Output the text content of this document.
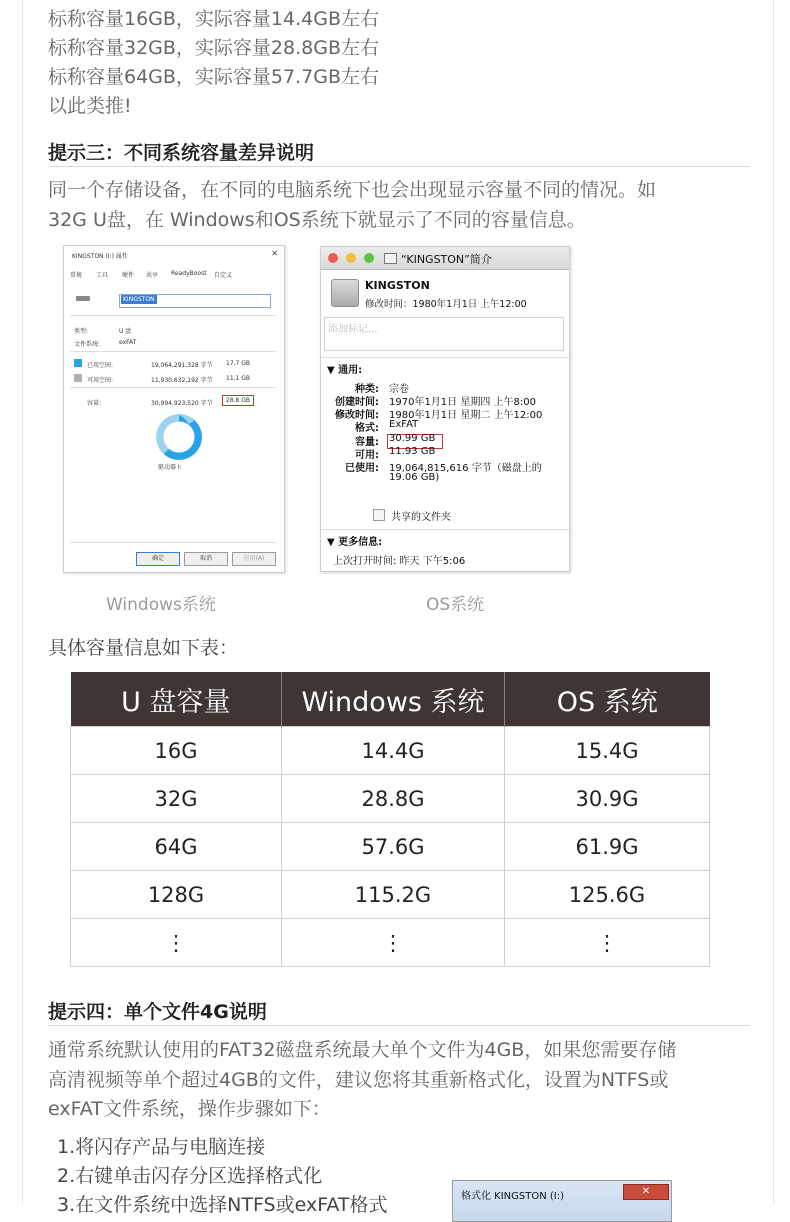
标称容量16GB，实际容量14.4GB左右
标称容量32GB，实际容量28.8GB左右
标称容量64GB，实际容量57.7GB左右
以此类推!
提示三：不同系统容量差异说明
同一个存储设备，在不同的电脑系统下也会出现显示容量不同的情况。如
32G U盘，在 Windows和OS系统下就显示了不同的容量信息。
KINGSTON (I:) 属性	✕
常规 工具 硬件 共享 ReadyBoost 自定义
KINGSTON
类型:	U 盘
文件系统:	exFAT
已用空间:	19,064,291,328 字节 17.7 GB
可用空间:	11,930,632,192 字节 11.1 GB
容量:	30,994,923,520 字节	28.8 GB
驱动器 I:
确定	取消	应用(A)
“KINGSTON”简介
KINGSTON
修改时间：1980年1月1日 上午12:00
添加标记...
▼ 通用:
种类: 宗卷
创建时间: 1970年1月1日 星期四 上午8:00
修改时间: 1980年1月1日 星期二 上午12:00
格式: ExFAT
容量: 30.99 GB
可用: 11.93 GB
已使用: 19,064,815,616 字节（磁盘上的
19.06 GB)
共享的文件夹
▼ 更多信息:
上次打开时间: 昨天 下午5:06
Windows系统	OS系统
具体容量信息如下表：
U 盘容量	Windows 系统	OS 系统
16G	14.4G	15.4G
32G	28.8G	30.9G
64G	57.6G	61.9G
128G	115.2G	125.6G
⋮	⋮	⋮
提示四：单个文件4G说明
通常系统默认使用的FAT32磁盘系统最大单个文件为4GB，如果您需要存储
高清视频等单个超过4GB的文件，建议您将其重新格式化，设置为NTFS或
exFAT文件系统，操作步骤如下：
1.将闪存产品与电脑连接
2.右键单击闪存分区选择格式化
3.在文件系统中选择NTFS或exFAT格式	格式化 KINGSTON (I:)	✕
